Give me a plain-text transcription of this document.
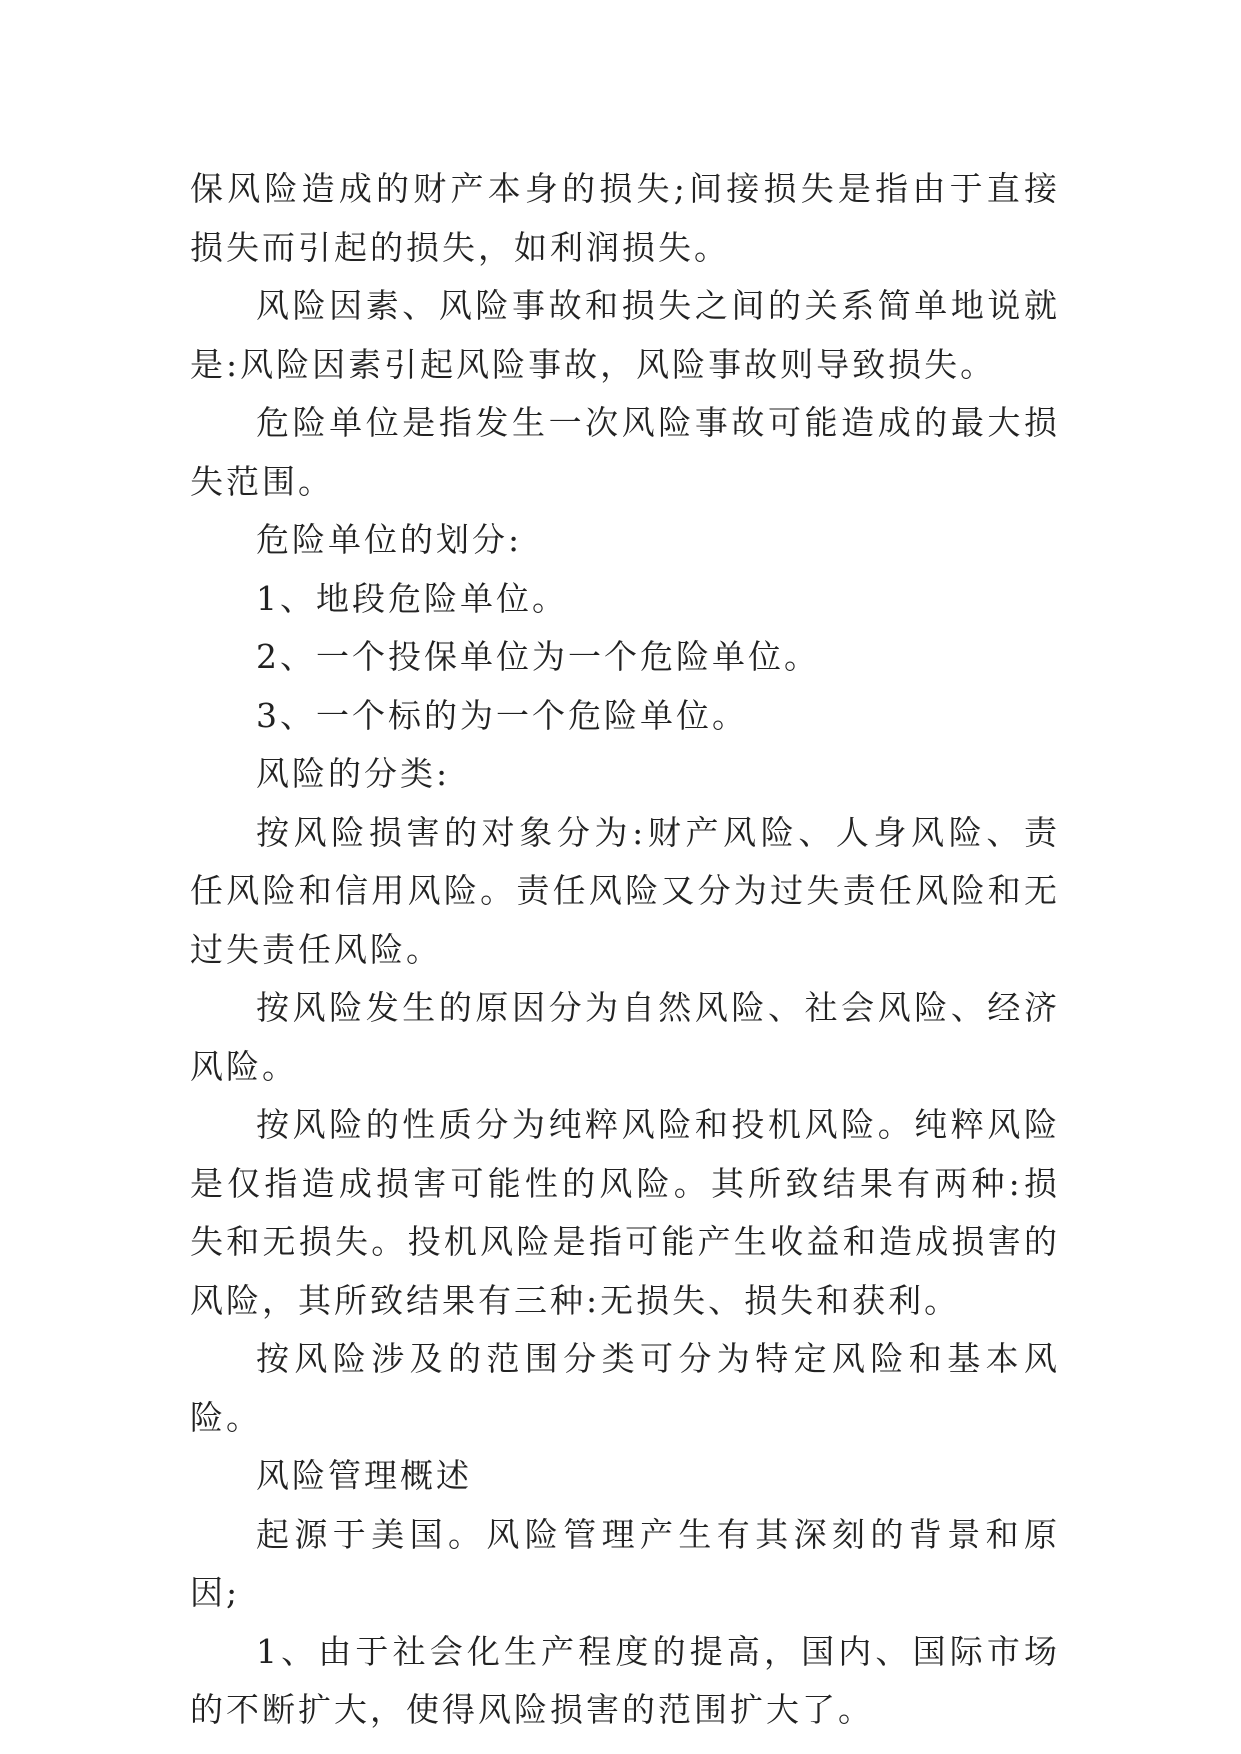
保风险造成的财产本身的损失;间接损失是指由于直接损失而引起的损失，如利润损失。

风险因素、风险事故和损失之间的关系简单地说就是:风险因素引起风险事故，风险事故则导致损失。

危险单位是指发生一次风险事故可能造成的最大损失范围。

危险单位的划分:

1、地段危险单位。

2、一个投保单位为一个危险单位。

3、一个标的为一个危险单位。

风险的分类:

按风险损害的对象分为:财产风险、人身风险、责任风险和信用风险。责任风险又分为过失责任风险和无过失责任风险。

按风险发生的原因分为自然风险、社会风险、经济风险。

按风险的性质分为纯粹风险和投机风险。纯粹风险是仅指造成损害可能性的风险。其所致结果有两种:损失和无损失。投机风险是指可能产生收益和造成损害的风险，其所致结果有三种:无损失、损失和获利。

按风险涉及的范围分类可分为特定风险和基本风险。

风险管理概述

起源于美国。风险管理产生有其深刻的背景和原因;

1、由于社会化生产程度的提高，国内、国际市场的不断扩大，使得风险损害的范围扩大了。
